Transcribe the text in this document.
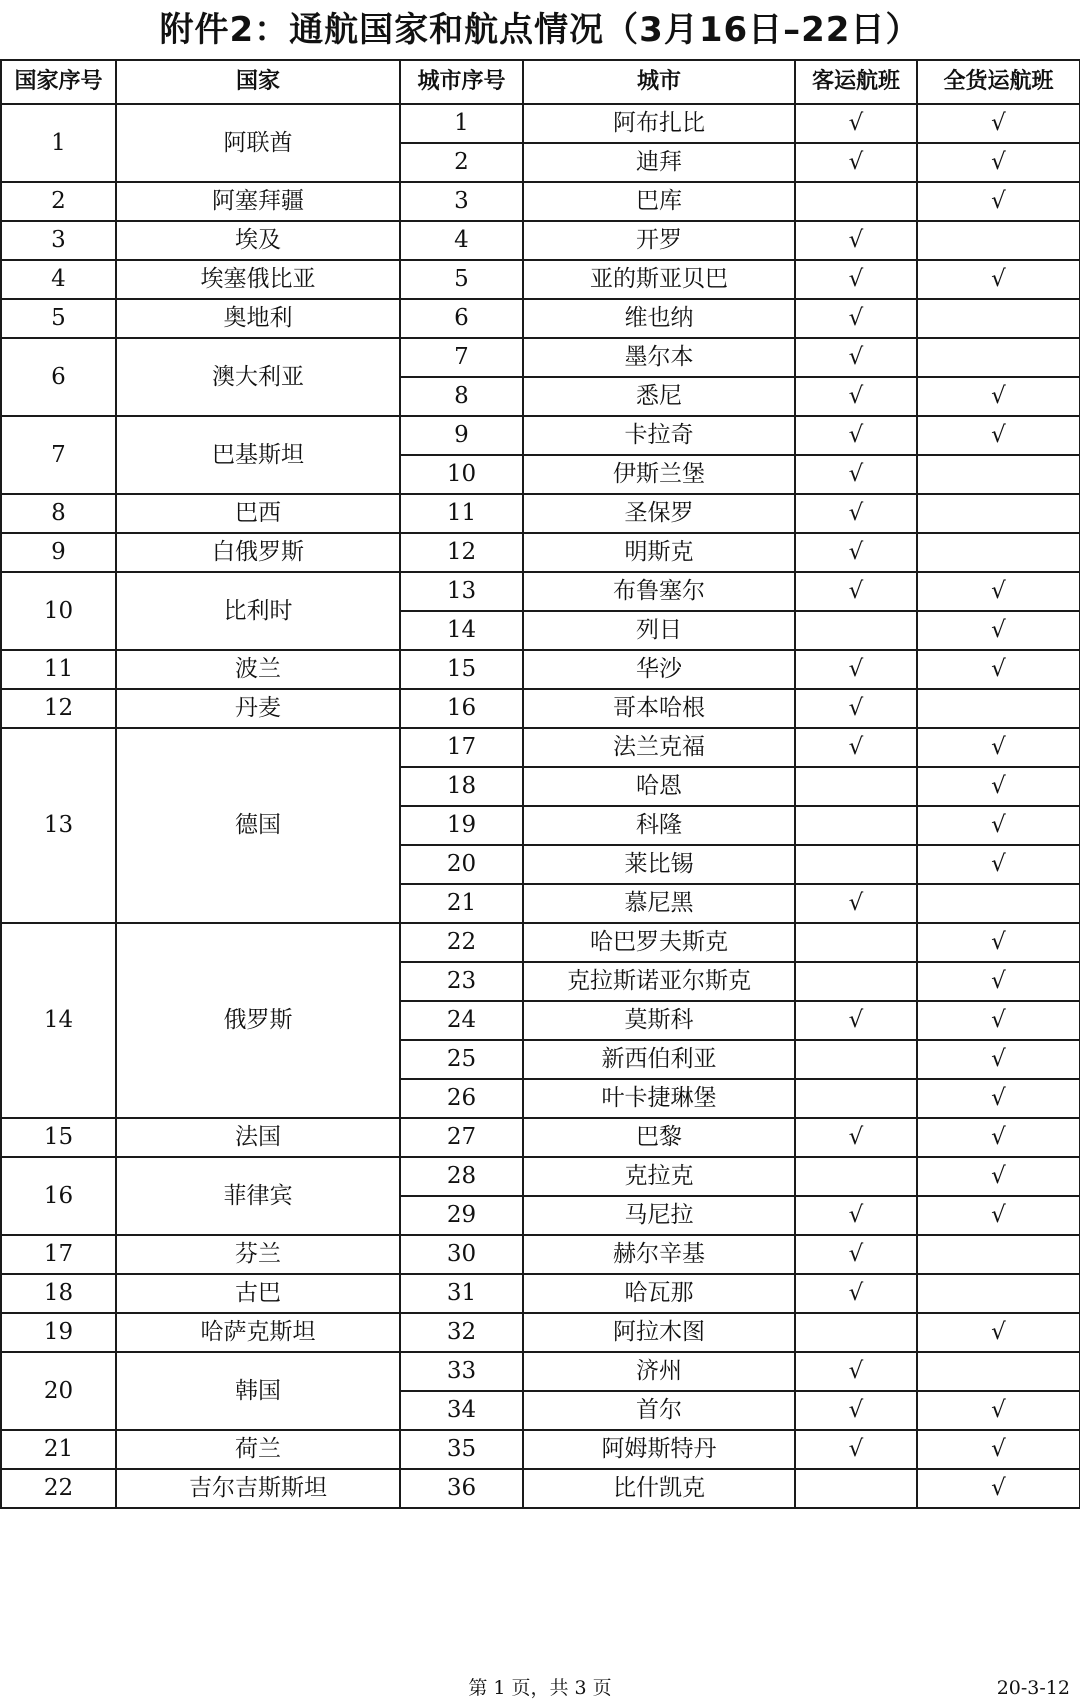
附件2：通航国家和航点情况（3月16日–22日）
国家序号	国家	城市序号	城市	客运航班	全货运航班
1	阿联酋	1	阿布扎比	√	√
		2	迪拜	√	√
2	阿塞拜疆	3	巴库		√
3	埃及	4	开罗	√	
4	埃塞俄比亚	5	亚的斯亚贝巴	√	√
5	奥地利	6	维也纳	√	
6	澳大利亚	7	墨尔本	√	
		8	悉尼	√	√
7	巴基斯坦	9	卡拉奇	√	√
		10	伊斯兰堡	√	
8	巴西	11	圣保罗	√	
9	白俄罗斯	12	明斯克	√	
10	比利时	13	布鲁塞尔	√	√
		14	列日		√
11	波兰	15	华沙	√	√
12	丹麦	16	哥本哈根	√	
13	德国	17	法兰克福	√	√
		18	哈恩		√
		19	科隆		√
		20	莱比锡		√
		21	慕尼黑	√	
14	俄罗斯	22	哈巴罗夫斯克		√
		23	克拉斯诺亚尔斯克		√
		24	莫斯科	√	√
		25	新西伯利亚		√
		26	叶卡捷琳堡		√
15	法国	27	巴黎	√	√
16	菲律宾	28	克拉克		√
		29	马尼拉	√	√
17	芬兰	30	赫尔辛基	√	
18	古巴	31	哈瓦那	√	
19	哈萨克斯坦	32	阿拉木图		√
20	韩国	33	济州	√	
		34	首尔	√	√
21	荷兰	35	阿姆斯特丹	√	√
22	吉尔吉斯斯坦	36	比什凯克		√
第 1 页，共 3 页	20-3-12
